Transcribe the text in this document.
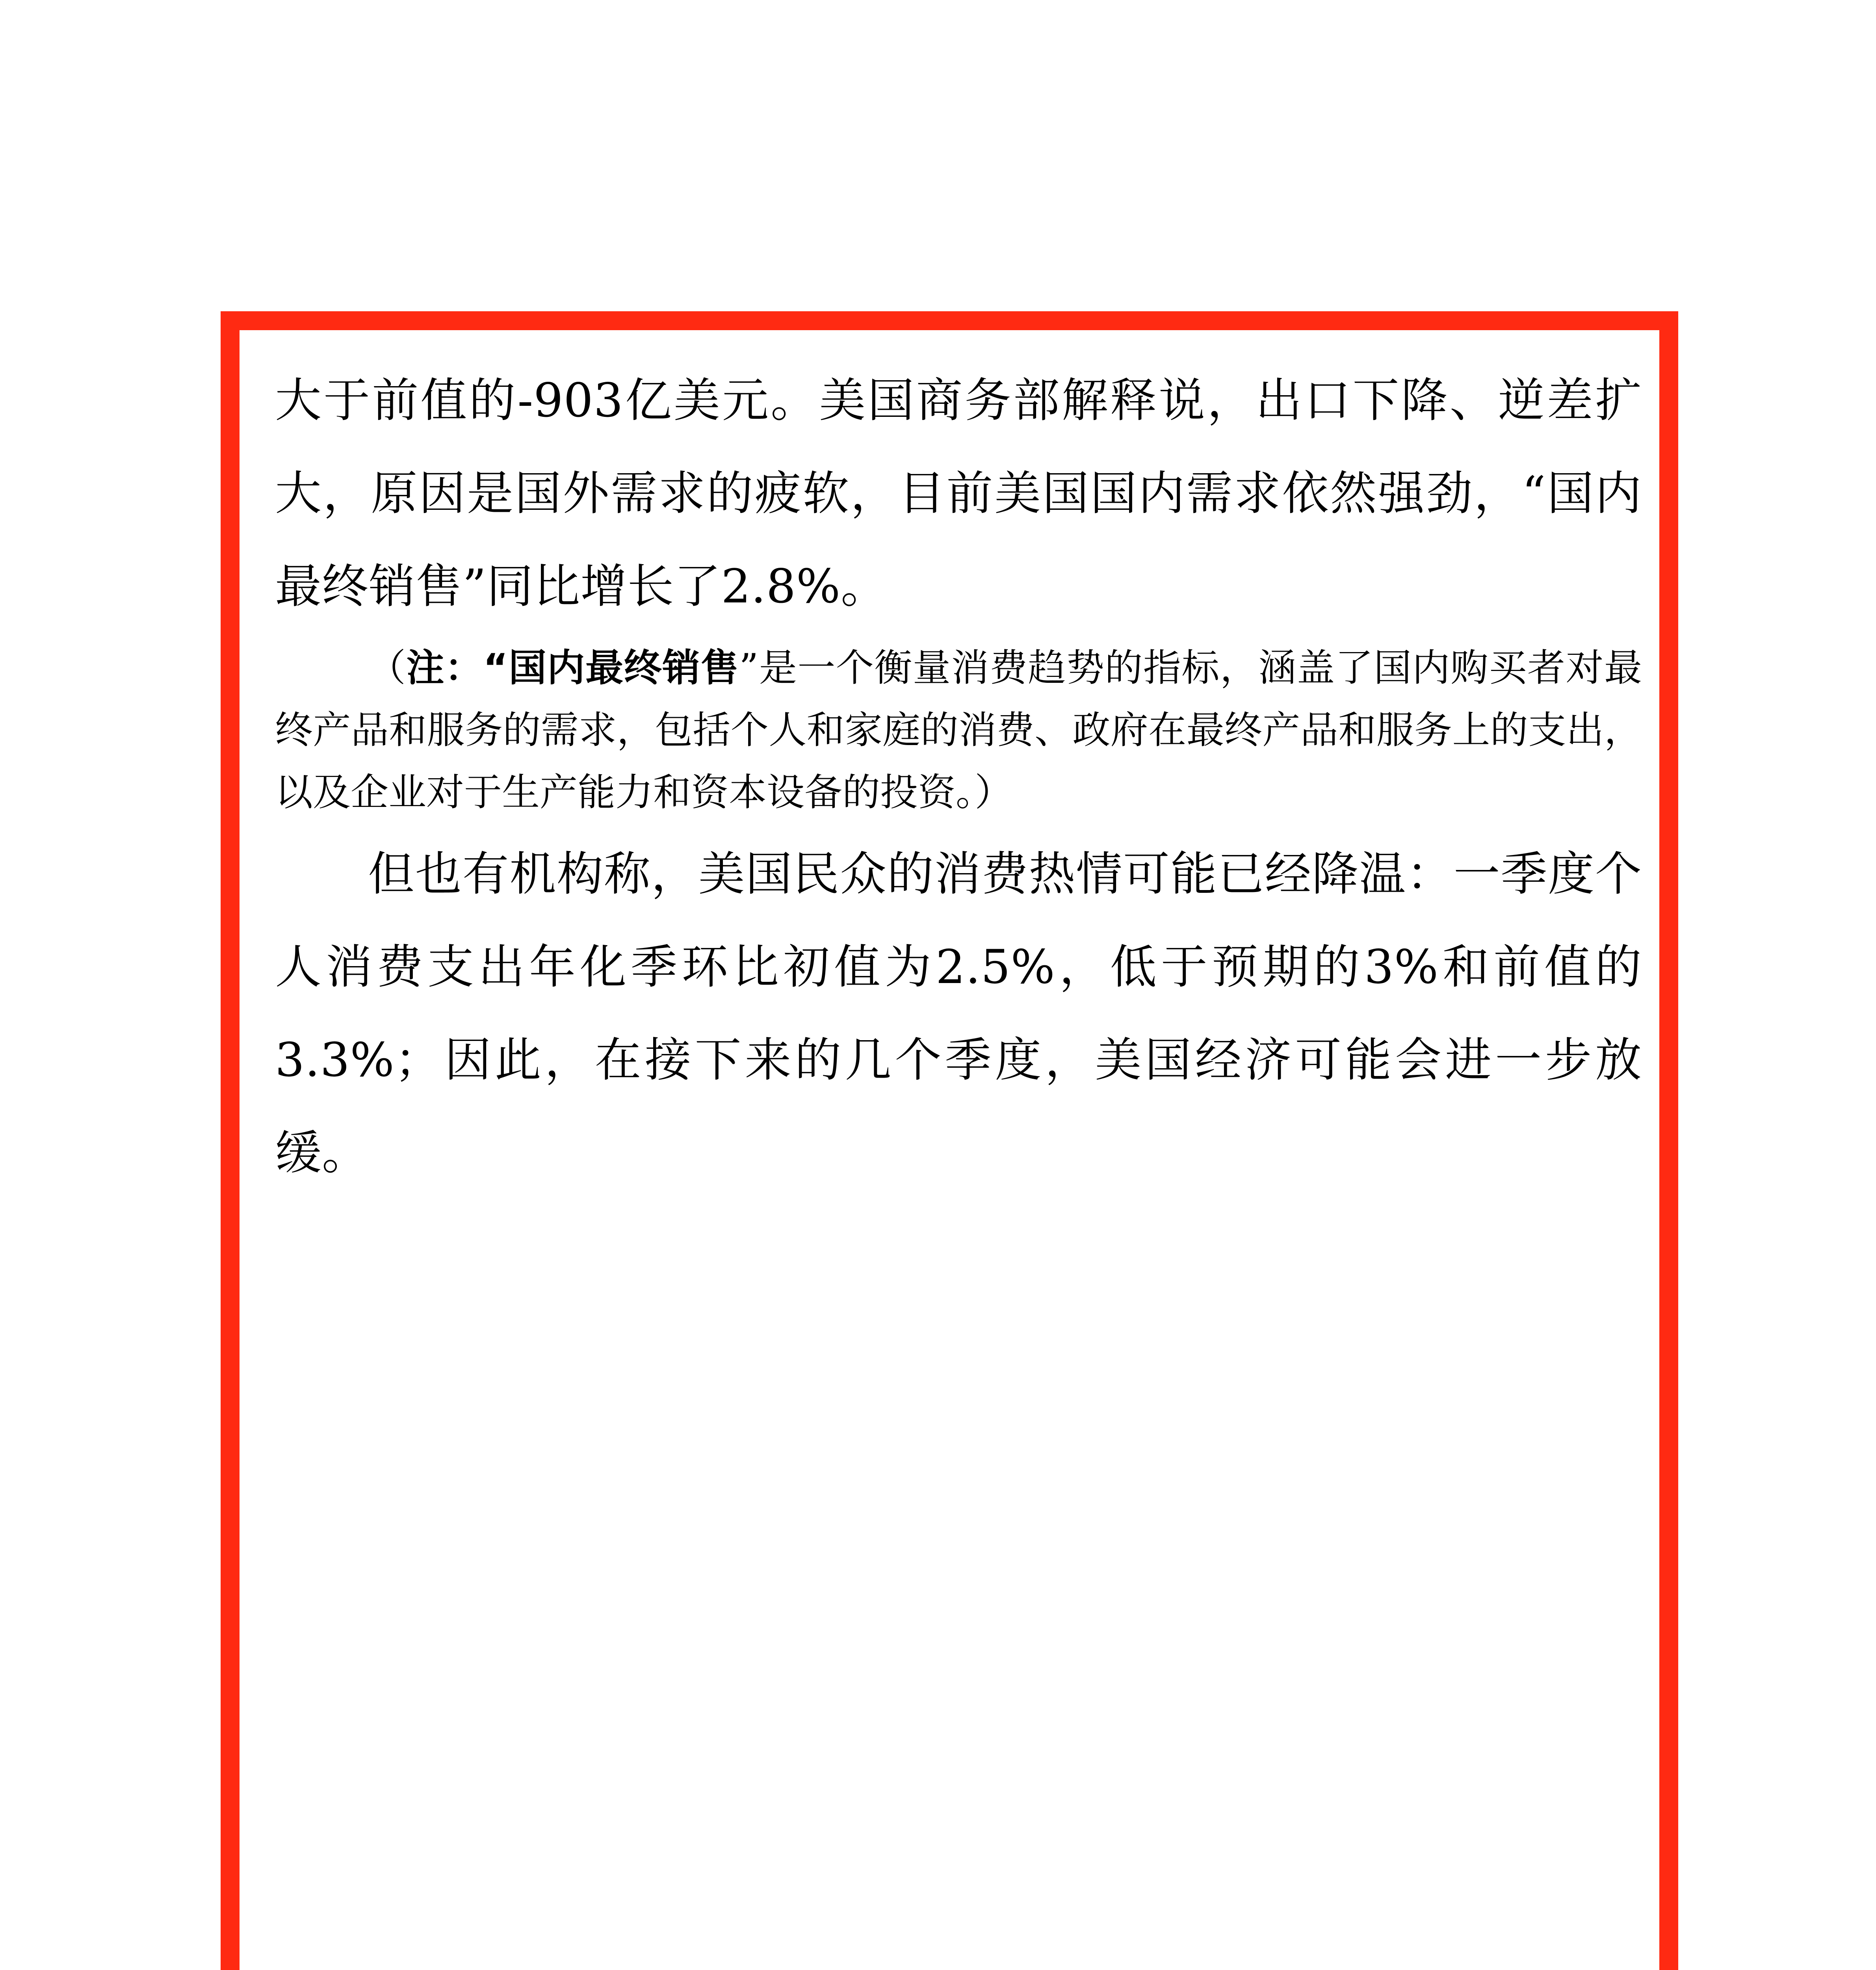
大于前值的-903亿美元。美国商务部解释说，出口下降、逆差扩大，原因是国外需求的疲软，目前美国国内需求依然强劲，“国内最终销售”同比增长了2.8%。

（注：“国内最终销售”是一个衡量消费趋势的指标，涵盖了国内购买者对最终产品和服务的需求，包括个人和家庭的消费、政府在最终产品和服务上的支出，以及企业对于生产能力和资本设备的投资。）

但也有机构称，美国民众的消费热情可能已经降温：一季度个人消费支出年化季环比初值为2.5%，低于预期的3%和前值的3.3%；因此，在接下来的几个季度，美国经济可能会进一步放缓。
